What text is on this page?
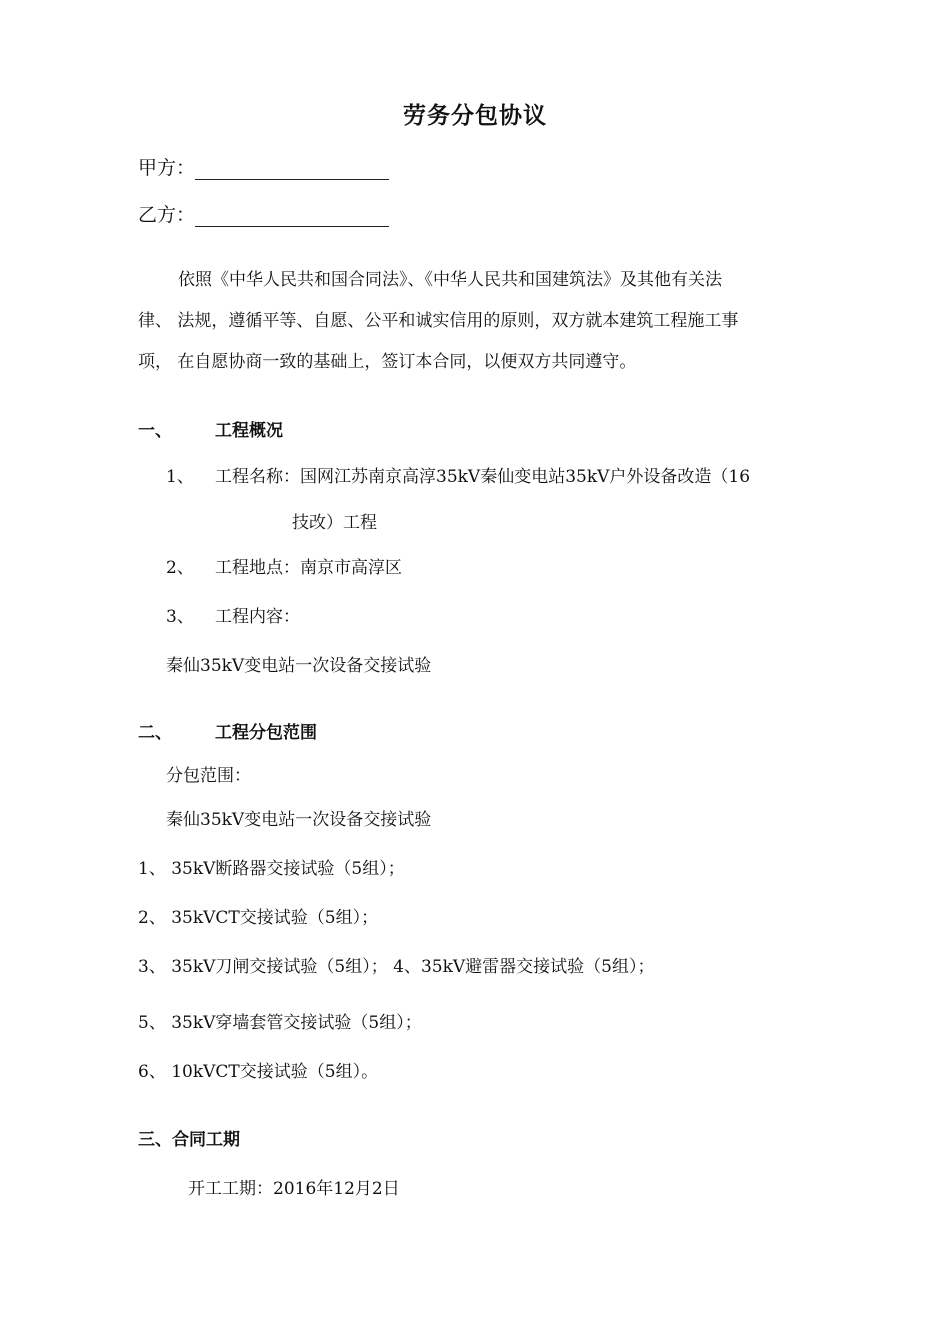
劳务分包协议
甲方：
乙方：
依照《中华人民共和国合同法》、《中华人民共和国建筑法》及其他有关法
律、 法规，遵循平等、自愿、公平和诚实信用的原则，双方就本建筑工程施工事
项， 在自愿协商一致的基础上，签订本合同，以便双方共同遵守。
一、	工程概况
1、 工程名称：国网江苏南京高淳35kV秦仙变电站35kV户外设备改造（16
技改）工程
2、 工程地点：南京市高淳区
3、 工程内容：
秦仙35kV变电站一次设备交接试验
二、	工程分包范围
分包范围：
秦仙35kV变电站一次设备交接试验
1、 35kV断路器交接试验（5组）；
2、 35kVCT交接试验（5组）；
3、 35kV刀闸交接试验（5组）； 4、35kV避雷器交接试验（5组）；
5、 35kV穿墙套管交接试验（5组）；
6、 10kVCT交接试验（5组）。
三、合同工期
开工工期：2016年12月2日
